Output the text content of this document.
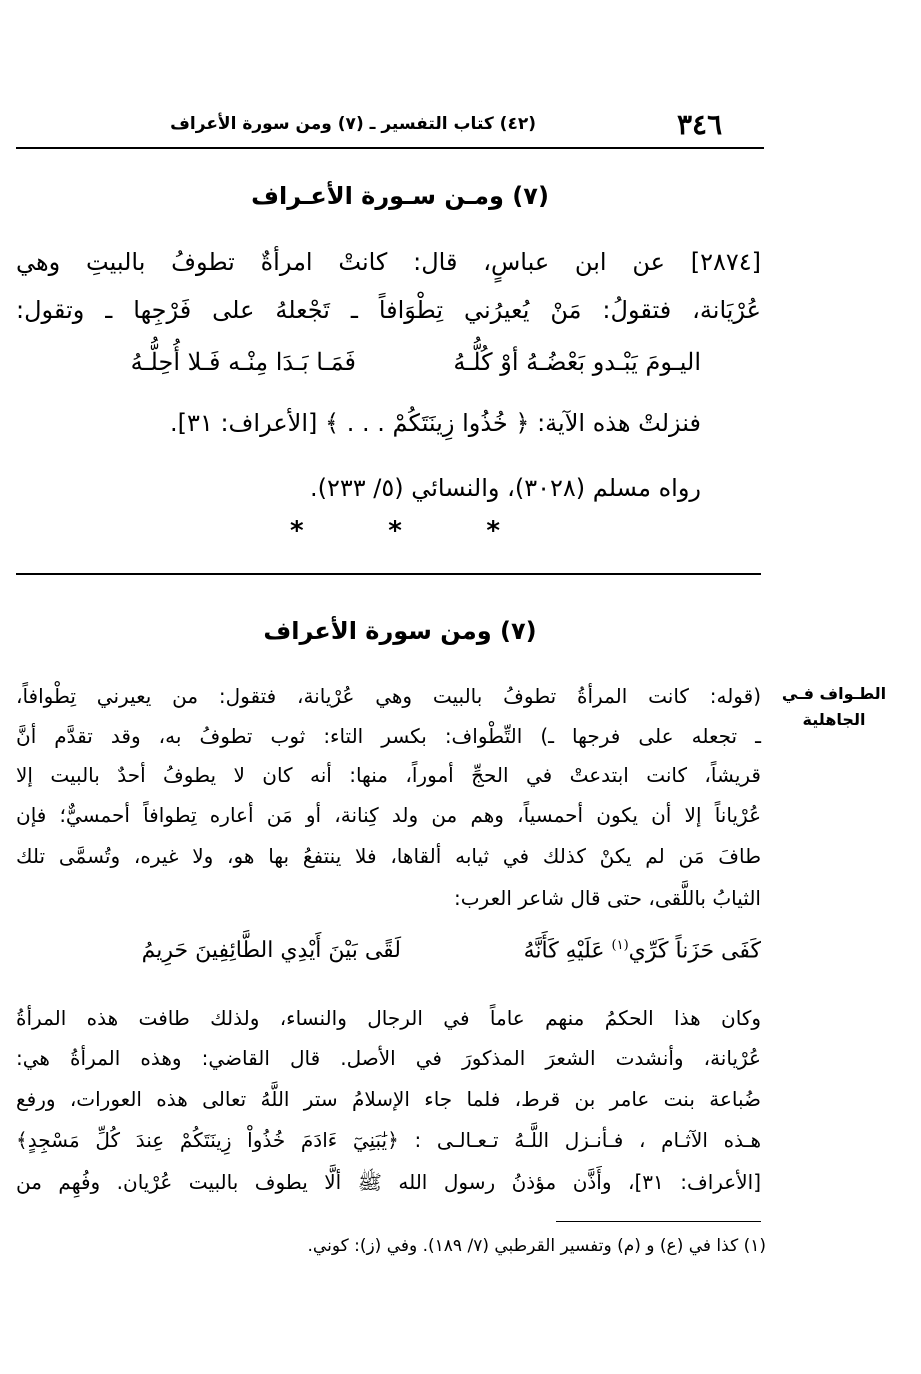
٣٤٦
(٤٢) كتاب التفسير ـ (٧) ومن سورة الأعراف
(٧) ومـن سـورة الأعـراف
[٢٨٧٤] عن ابن عباسٍ، قال: كانتْ امرأةٌ تطوفُ بالبيتِ وهي
عُرْيَانة، فتقولُ: مَنْ يُعيرُني تِطْوَافاً ـ تَجْعلهُ على فَرْجِها ـ وتقول:
اليـومَ يَبْـدو بَعْضُـهُ أوْ كُلُّـهُ
فَمَـا بَـدَا مِنْـه فَـلا أُحِلُّـهُ
فنزلتْ هذه الآية: ﴿ خُذُوا زِينَتَكُمْ . . . ﴾ [الأعراف: ٣١].
رواه مسلم (٣٠٢٨)، والنسائي (٥/ ٢٣٣).
*	*	*
(٧) ومن سورة الأعراف
الطـواف فـي
الجاهلية
(قوله: كانت المرأةُ تطوفُ بالبيت وهي عُرْيانة، فتقول: من يعيرني تِطْوافاً،
ـ تجعله على فرجها ـ) التِّطْواف: بكسر التاء: ثوب تطوفُ به، وقد تقدَّم أنَّ
قريشاً، كانت ابتدعتْ في الحجِّ أموراً، منها: أنه كان لا يطوفُ أحدٌ بالبيت إلا
عُرْياناً إلا أن يكون أحمسياً، وهم من ولد كِنانة، أو مَن أعاره تِطوافاً أحمسيٌّ؛ فإن
طافَ مَن لم يكنْ كذلك في ثيابه ألقاها، فلا ينتفعُ بها هو، ولا غيره، وتُسمَّى تلك
الثيابُ باللَّقى، حتى قال شاعر العرب:
كَفَى حَزَناً كَرِّي$^{(١)}$ عَلَيْهِ كَأَنَّهُ
لَقًى بَيْنَ أَيْدِي الطَّائِفِينَ حَرِيمُ
وكان هذا الحكمُ منهم عاماً في الرجال والنساء، ولذلك طافت هذه المرأةُ
عُرْيانة، وأنشدت الشعرَ المذكورَ في الأصل. قال القاضي: وهذه المرأةُ هي:
ضُباعة بنت عامر بن قرط، فلما جاء الإسلامُ ستر اللَّهُ تعالى هذه العورات، ورفع
هـذه الآثـام ، فـأنـزل اللَّـهُ تـعـالـى : ﴿يَٰبَنِيٓ ءَادَمَ خُذُواْ زِينَتَكُمْ عِندَ كُلِّ مَسْجِدٍ﴾
[الأعراف: ٣١]، وأَذَّن مؤذنُ رسول الله ﷺ ألَّا يطوف بالبيت عُرْيان. وفُهِم من
(١) كذا في (ع) و (م) وتفسير القرطبي (٧/ ١٨٩). وفي (ز): كوني.
